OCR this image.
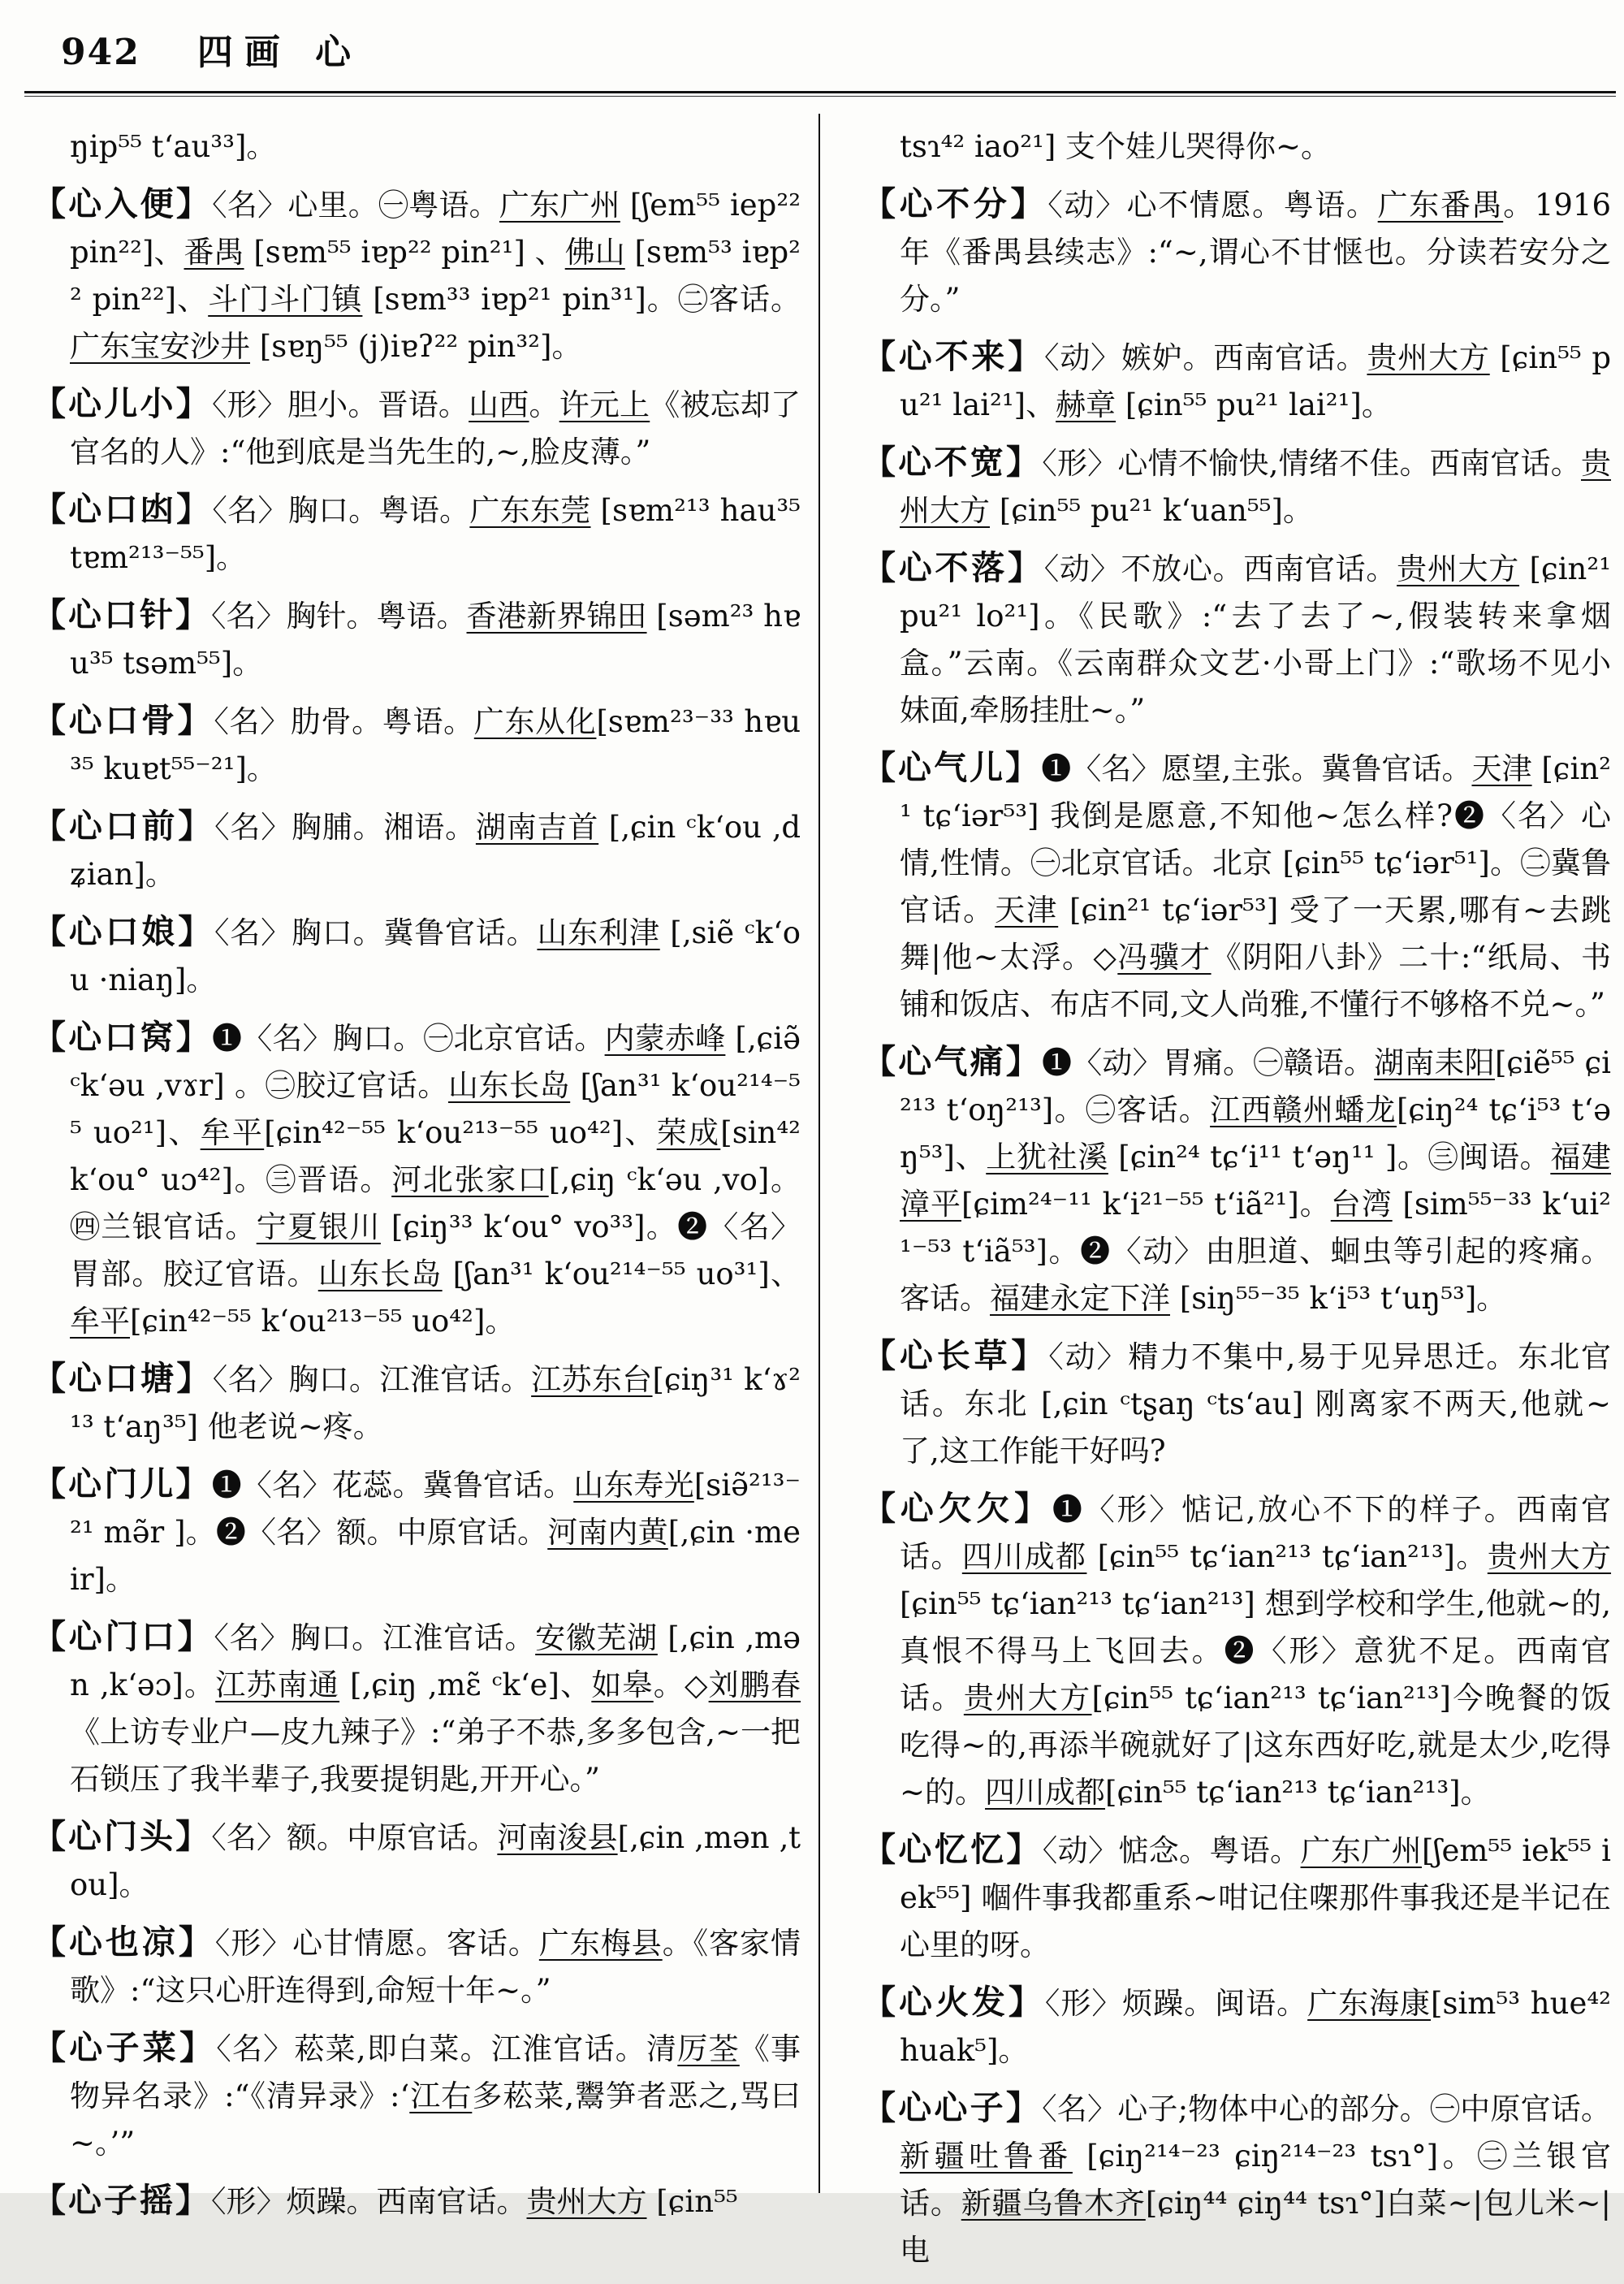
942 四画 心

ŋip⁵⁵ t‘au³³]。

【心入便】〈名〉心里。㊀粤语。广东广州 [ʃem⁵⁵ iep²² pin²²]、番禺 [sɐm⁵⁵ iɐp²² pin²¹] 、佛山 [sɐm⁵³ iɐp²² pin²²]、斗门斗门镇 [sɐm³³ iɐp²¹ pin³¹]。㊁客话。广东宝安沙井 [sɐŋ⁵⁵ (j)iɐʔ²² pin³²]。

【心儿小】〈形〉胆小。晋语。山西。许元上《被忘却了官名的人》:“他到底是当先生的,~,脸皮薄。”

【心口凼】〈名〉胸口。粤语。广东东莞 [sɐm²¹³ hau³⁵ tɐm²¹³⁻⁵⁵]。

【心口针】〈名〉胸针。粤语。香港新界锦田 [səm²³ hɐu³⁵ tsəm⁵⁵]。

【心口骨】〈名〉肋骨。粤语。广东从化[sɐm²³⁻³³ hɐu³⁵ kuɐt⁵⁵⁻²¹]。

【心口前】〈名〉胸脯。湘语。湖南吉首 [‚ɕin ᶜk‘ou ‚dʑian]。

【心口娘】〈名〉胸口。冀鲁官话。山东利津 [‚siẽ ᶜk‘ou ·niaŋ]。

【心口窝】❶〈名〉胸口。㊀北京官话。内蒙赤峰 [‚ɕiə̃ ᶜk‘əu ‚vɤr] 。㊁胶辽官话。山东长岛 [ʃan³¹ k‘ou²¹⁴⁻⁵⁵ uo²¹]、牟平[ɕin⁴²⁻⁵⁵ k‘ou²¹³⁻⁵⁵ uo⁴²]、荣成[sin⁴² k‘ou° uɔ⁴²]。㊂晋语。河北张家口[‚ɕiŋ ᶜk‘əu ‚vo]。㊃兰银官话。宁夏银川 [ɕiŋ³³ k‘ou° vo³³]。❷〈名〉胃部。胶辽官语。山东长岛 [ʃan³¹ k‘ou²¹⁴⁻⁵⁵ uo³¹]、牟平[ɕin⁴²⁻⁵⁵ k‘ou²¹³⁻⁵⁵ uo⁴²]。

【心口塘】〈名〉胸口。江淮官话。江苏东台[ɕiŋ³¹ k‘ɤ²¹³ t‘aŋ³⁵] 他老说~疼。

【心门儿】❶〈名〉花蕊。冀鲁官话。山东寿光[siə̃²¹³⁻²¹ mə̃r ]。❷〈名〉额。中原官话。河南内黄[‚ɕin ·meir]。

【心门口】〈名〉胸口。江淮官话。安徽芜湖 [‚ɕin ‚mən ‚k‘əɔ]。江苏南通 [‚ɕiŋ ‚mɛ̃ ᶜk‘e]、如皋。◇刘鹏春《上访专业户—皮九辣子》:“弟子不恭,多多包含,~一把石锁压了我半辈子,我要提钥匙,开开心。”

【心门头】〈名〉额。中原官话。河南浚县[‚ɕin ‚mən ‚tou]。

【心也凉】〈形〉心甘情愿。客话。广东梅县。《客家情歌》:“这只心肝连得到,命短十年~。”

【心子菜】〈名〉菘菜,即白菜。江淮官话。清厉荃《事物异名录》:“《清异录》:‘江右多菘菜,鬻笋者恶之,骂曰~。’”

【心子摇】〈形〉烦躁。西南官话。贵州大方 [ɕin⁵⁵

tsɿ⁴² iao²¹] 支个娃儿哭得你~。

【心不分】〈动〉心不情愿。粤语。广东番禺。1916年《番禺县续志》:“~,谓心不甘惬也。分读若安分之分。”

【心不来】〈动〉嫉妒。西南官话。贵州大方 [ɕin⁵⁵ pu²¹ lai²¹]、赫章 [ɕin⁵⁵ pu²¹ lai²¹]。

【心不宽】〈形〉心情不愉快,情绪不佳。西南官话。贵州大方 [ɕin⁵⁵ pu²¹ k‘uan⁵⁵]。

【心不落】〈动〉不放心。西南官话。贵州大方 [ɕin²¹ pu²¹ lo²¹]。《民歌》:“去了去了~,假装转来拿烟盒。”云南。《云南群众文艺·小哥上门》:“歌场不见小妹面,牵肠挂肚~。”

【心气儿】❶〈名〉愿望,主张。冀鲁官话。天津 [ɕin²¹ tɕ‘iər⁵³] 我倒是愿意,不知他~怎么样?❷〈名〉心情,性情。㊀北京官话。北京 [ɕin⁵⁵ tɕ‘iər⁵¹]。㊁冀鲁官话。天津 [ɕin²¹ tɕ‘iər⁵³] 受了一天累,哪有~去跳舞|他~太浮。◇冯骥才《阴阳八卦》二十:“纸局、书铺和饭店、布店不同,文人尚雅,不懂行不够格不兑~。”

【心气痛】❶〈动〉胃痛。㊀赣语。湖南耒阳[ɕiẽ⁵⁵ ɕi²¹³ t‘oŋ²¹³]。㊁客话。江西赣州蟠龙[ɕiŋ²⁴ tɕ‘i⁵³ t‘əŋ⁵³]、上犹社溪 [ɕin²⁴ tɕ‘i¹¹ t‘əŋ¹¹ ]。㊂闽语。福建漳平[ɕim²⁴⁻¹¹ k‘i²¹⁻⁵⁵ t‘iã²¹]。台湾 [sim⁵⁵⁻³³ k‘ui²¹⁻⁵³ t‘iã⁵³]。❷〈动〉由胆道、蛔虫等引起的疼痛。客话。福建永定下洋 [siŋ⁵⁵⁻³⁵ k‘i⁵³ t‘uŋ⁵³]。

【心长草】〈动〉精力不集中,易于见异思迁。东北官话。东北 [‚ɕin ᶜtʂaŋ ᶜts‘au] 刚离家不两天,他就~了,这工作能干好吗?

【心欠欠】❶〈形〉惦记,放心不下的样子。西南官话。四川成都 [ɕin⁵⁵ tɕ‘ian²¹³ tɕ‘ian²¹³]。贵州大方 [ɕin⁵⁵ tɕ‘ian²¹³ tɕ‘ian²¹³] 想到学校和学生,他就~的,真恨不得马上飞回去。❷〈形〉意犹不足。西南官话。贵州大方[ɕin⁵⁵ tɕ‘ian²¹³ tɕ‘ian²¹³]今晚餐的饭吃得~的,再添半碗就好了|这东西好吃,就是太少,吃得~的。四川成都[ɕin⁵⁵ tɕ‘ian²¹³ tɕ‘ian²¹³]。

【心忆忆】〈动〉惦念。粤语。广东广州[ʃem⁵⁵ iek⁵⁵ iek⁵⁵] 嗰件事我都重系~咁记住㗎那件事我还是半记在心里的呀。

【心火发】〈形〉烦躁。闽语。广东海康[sim⁵³ hue⁴² huak⁵]。

【心心子】〈名〉心子;物体中心的部分。㊀中原官话。新疆吐鲁番 [ɕiŋ²¹⁴⁻²³ ɕiŋ²¹⁴⁻²³ tsɿ°]。㊁兰银官话。新疆乌鲁木齐[ɕiŋ⁴⁴ ɕiŋ⁴⁴ tsɿ°]白菜~|包儿米~|电
